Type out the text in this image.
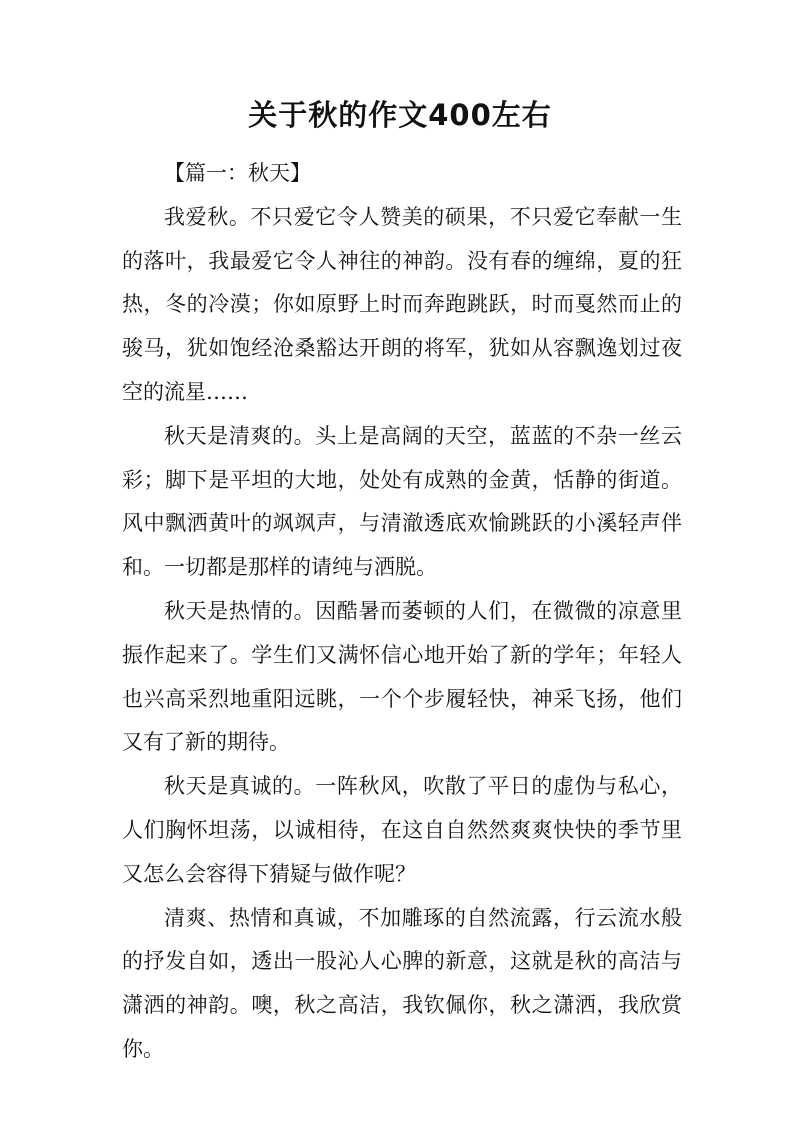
关于秋的作文400左右
【篇一：秋天】

我爱秋。不只爱它令人赞美的硕果，不只爱它奉献一生的落叶，我最爱它令人神往的神韵。没有春的缠绵，夏的狂热，冬的冷漠；你如原野上时而奔跑跳跃，时而戛然而止的骏马，犹如饱经沧桑豁达开朗的将军，犹如从容飘逸划过夜空的流星……

秋天是清爽的。头上是高阔的天空，蓝蓝的不杂一丝云彩；脚下是平坦的大地，处处有成熟的金黄，恬静的街道。风中飘洒黄叶的飒飒声，与清澈透底欢愉跳跃的小溪轻声伴和。一切都是那样的请纯与洒脱。

秋天是热情的。因酷暑而萎顿的人们，在微微的凉意里振作起来了。学生们又满怀信心地开始了新的学年；年轻人也兴高采烈地重阳远眺，一个个步履轻快，神采飞扬，他们又有了新的期待。

秋天是真诚的。一阵秋风，吹散了平日的虚伪与私心，人们胸怀坦荡，以诚相待，在这自自然然爽爽快快的季节里又怎么会容得下猜疑与做作呢？

清爽、热情和真诚，不加雕琢的自然流露，行云流水般的抒发自如，透出一股沁人心脾的新意，这就是秋的高洁与潇洒的神韵。噢，秋之高洁，我钦佩你，秋之潇洒，我欣赏你。
